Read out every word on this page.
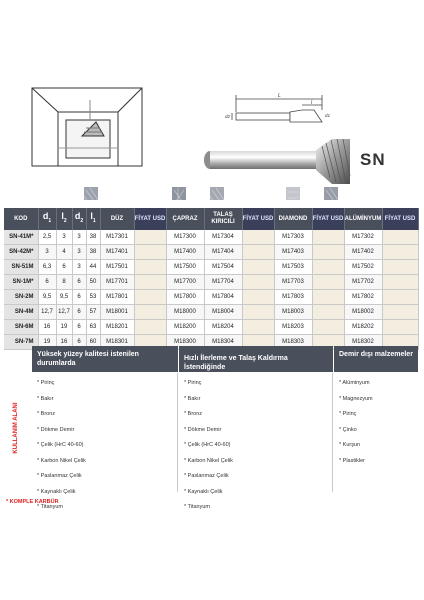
L
l
d1
d2
SN
KOD	$d_1$	$l_2$	$d_2$	$l_1$	DÜZ	FİYAT USD	ÇAPRAZ	TALAŞ KIRICILI	FİYAT USD	DIAMOND	FİYAT USD	ALÜMİNYUM	FİYAT USD
SN-41M*	2,5	3	3	38	M17301		M17300	M17304		M17303		M17302	
SN-42M*	3	4	3	38	M17401		M17400	M17404		M17403		M17402	
SN-51M	6,3	6	3	44	M17501		M17500	M17504		M17503		M17502	
SN-1M*	6	8	6	50	M17701		M17700	M17704		M17703		M17702	
SN-2M	9,5	9,5	6	53	M17801		M17800	M17804		M17803		M17802	
SN-4M	12,7	12,7	6	57	M18001		M18000	M18004		M18003		M18002	
SN-6M	16	19	6	63	M18201		M18200	M18204		M18203		M18202	
SN-7M	19	16	6	60	M18301		M18300	M18304		M18303		M18302	
KULLANIM ALANI
Yüksek yüzey kalitesi istenilen durumlarda
Hızlı İlerleme ve Talaş Kaldırma İstendiğinde
Demir dışı malzemeler
* Pirinç
* Bakır
* Bronz
* Dökme Demir
* Çelik (HrC 40-60)
* Karbon Nikel Çelik
* Paslanmaz Çelik
* Kaynaklı Çelik
* Titanyum
* Pirinç
* Bakır
* Bronz
* Dökme Demir
* Çelik (HrC 40-60)
* Karbon Nikel Çelik
* Paslanmaz Çelik
* Kaynaklı Çelik
* Titanyum
* Alüminyum
* Magnezyum
* Pirinç
* Çinko
* Kurşun
* Plastikler
* KOMPLE KARBÜR
